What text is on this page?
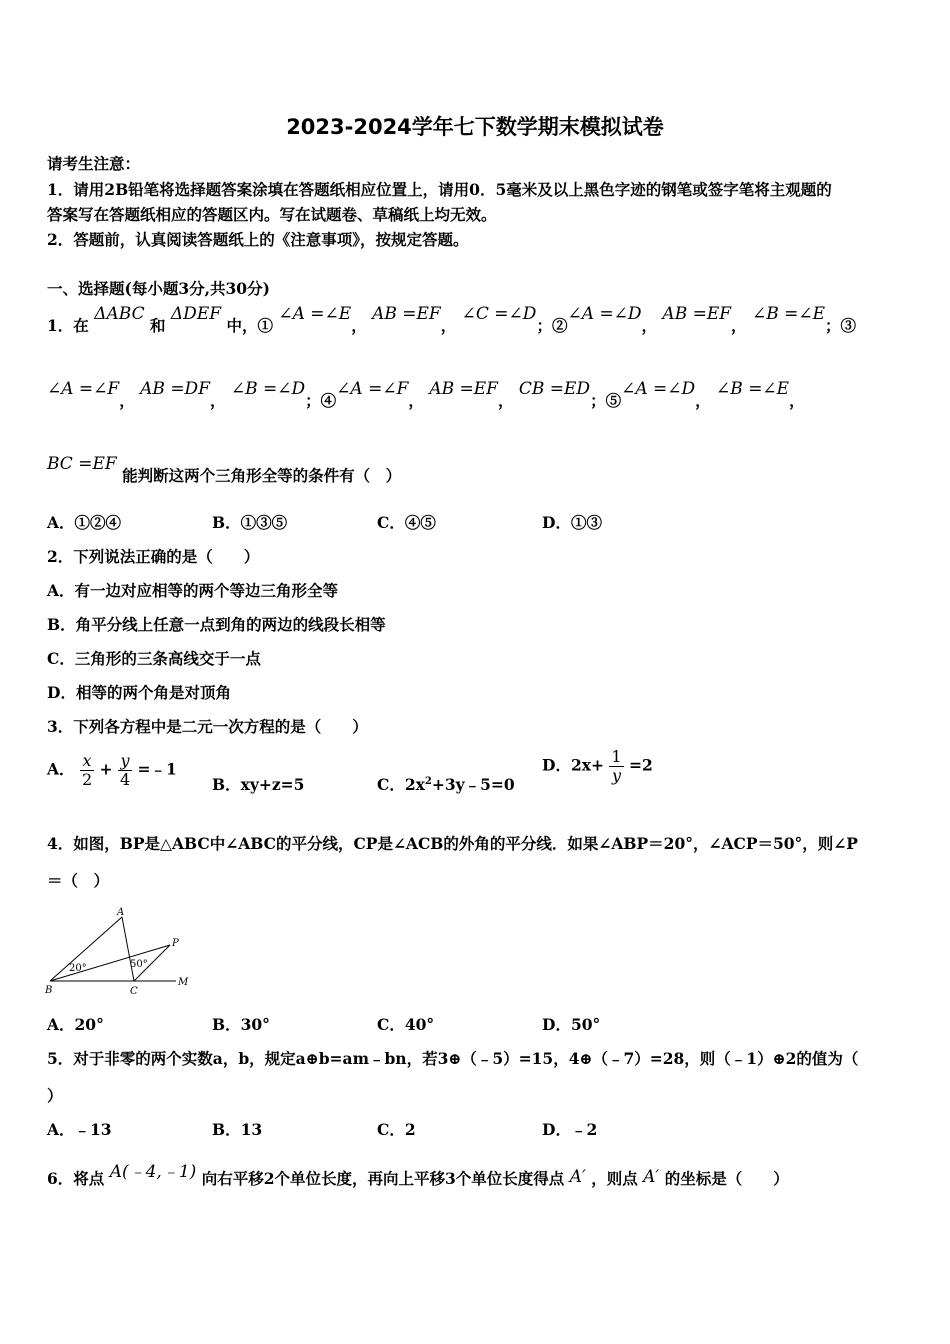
2023-2024学年七下数学期末模拟试卷
请考生注意：
1．请用2B铅笔将选择题答案涂填在答题纸相应位置上，请用0．5毫米及以上黑色字迹的钢笔或签字笔将主观题的
答案写在答题纸相应的答题区内。写在试题卷、草稿纸上均无效。
2．答题前，认真阅读答题纸上的《注意事项》，按规定答题。
一、选择题(每小题3分,共30分)
1．在 ΔABC 和 ΔDEF 中，① ∠A =∠E， AB =EF， ∠C =∠D；②∠A =∠D， AB =EF， ∠B =∠E；③
∠A =∠F， AB =DF， ∠B =∠D；④∠A =∠F， AB =EF， CB =ED；⑤∠A =∠D， ∠B =∠E，
BC =EF 能判断这两个三角形全等的条件有（　）
A．①②④	B．①③⑤	C．④⑤	D．①③
2．下列说法正确的是（　　）
A．有一边对应相等的两个等边三角形全等
B．角平分线上任意一点到角的两边的线段长相等
C．三角形的三条高线交于一点
D．相等的两个角是对顶角
3．下列各方程中是二元一次方程的是（　　）
A． $\frac{x}{2} + \frac{y}{4}$ =﹣1
B．xy+z=5	C．$2x^2+3y﹣5=0$
D．$2x+ \frac{1}{y} =2$
4．如图，BP是△ABC中∠ABC的平分线，CP是∠ACB的外角的平分线．如果∠ABP＝20°，∠ACP＝50°，则∠P
＝（　）
A
B	C
P
M
20°	50°
A．20°	B．30°	C．40°	D．50°
5．对于非零的两个实数a，b，规定a⊕b=am﹣bn，若3⊕（﹣5）=15，4⊕（﹣7）=28，则（﹣1）⊕2的值为（
）
A．﹣13	B．13	C．2	D．﹣2
6．将点 A(﹣4,﹣1) 向右平移2个单位长度，再向上平移3个单位长度得点 A′ ，则点 A′ 的坐标是（　　）
